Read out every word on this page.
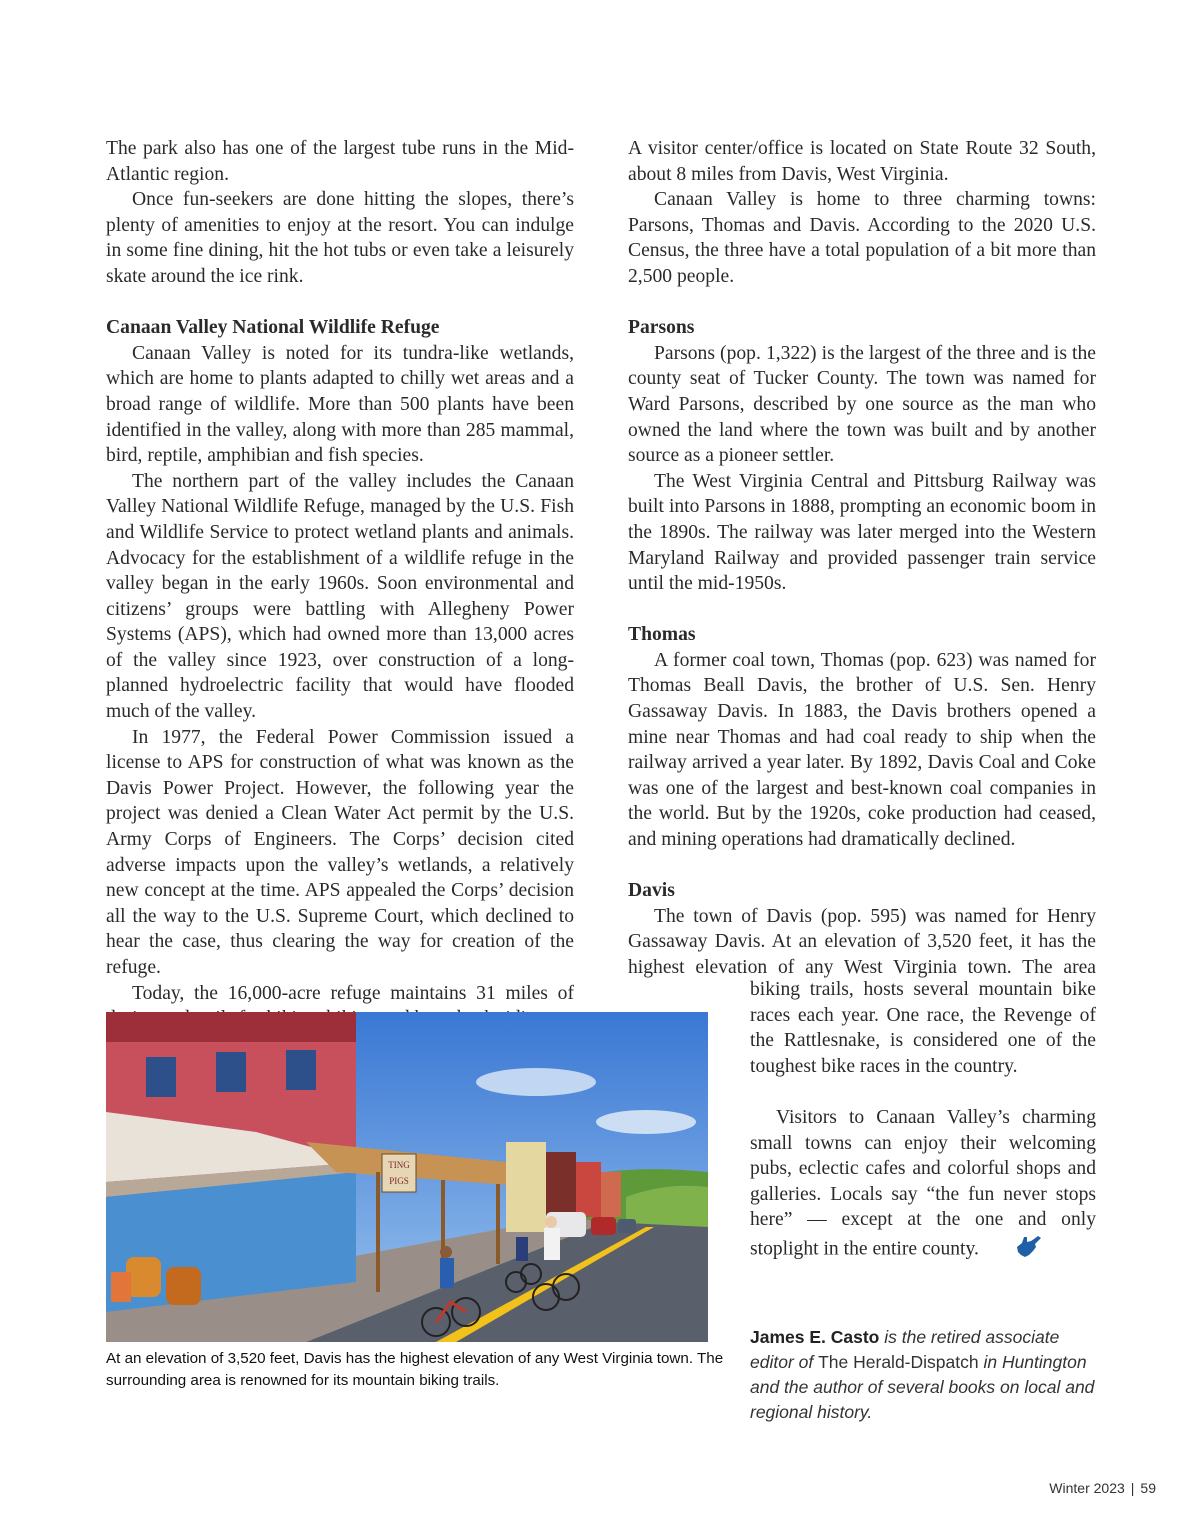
The park also has one of the largest tube runs in the Mid-Atlantic region.

Once fun-seekers are done hitting the slopes, there’s plenty of amenities to enjoy at the resort. You can indulge in some fine dining, hit the hot tubs or even take a leisurely skate around the ice rink.

Canaan Valley National Wildlife Refuge

Canaan Valley is noted for its tundra-like wetlands, which are home to plants adapted to chilly wet areas and a broad range of wildlife. More than 500 plants have been identified in the valley, along with more than 285 mammal, bird, reptile, amphibian and fish species.

The northern part of the valley includes the Canaan Valley National Wildlife Refuge, managed by the U.S. Fish and Wildlife Service to protect wetland plants and animals. Advocacy for the establishment of a wildlife refuge in the valley began in the early 1960s. Soon environmental and citizens’ groups were battling with Allegheny Power Systems (APS), which had owned more than 13,000 acres of the valley since 1923, over construction of a long-planned hydroelectric facility that would have flooded much of the valley.

In 1977, the Federal Power Commission issued a license to APS for construction of what was known as the Davis Power Project. However, the following year the project was denied a Clean Water Act permit by the U.S. Army Corps of Engineers. The Corps’ decision cited adverse impacts upon the valley’s wetlands, a relatively new concept at the time. APS appealed the Corps’ decision all the way to the U.S. Supreme Court, which declined to hear the case, thus clearing the way for creation of the refuge.

Today, the 16,000-acre refuge maintains 31 miles of

A visitor center/office is located on State Route 32 South, about 8 miles from Davis, West Virginia.

Canaan Valley is home to three charming towns: Parsons, Thomas and Davis. According to the 2020 U.S. Census, the three have a total population of a bit more than 2,500 people.

Parsons

Parsons (pop. 1,322) is the largest of the three and is the county seat of Tucker County. The town was named for Ward Parsons, described by one source as the man who owned the land where the town was built and by another source as a pioneer settler.

The West Virginia Central and Pittsburg Railway was built into Parsons in 1888, prompting an economic boom in the 1890s. The railway was later merged into the Western Maryland Railway and provided passenger train service until the mid-1950s.

Thomas

A former coal town, Thomas (pop. 623) was named for Thomas Beall Davis, the brother of U.S. Sen. Henry Gassaway Davis. In 1883, the Davis brothers opened a mine near Thomas and had coal ready to ship when the railway arrived a year later. By 1892, Davis Coal and Coke was one of the largest and best-known coal companies in the world. But by the 1920s, coke production had ceased, and mining operations had dramatically declined.

Davis

The town of Davis (pop. 595) was named for Henry Gassaway Davis. At an elevation of 3,520 feet, it has the highest elevation of any West Virginia town. The area

biking trails, hosts several mountain bike races each year. One race, the Revenge of the Rattlesnake, is considered one of the toughest bike races in the country.

Visitors to Canaan Valley’s charming small towns can enjoy their welcoming pubs, eclectic cafes and colorful shops and galleries. Locals say “the fun never stops here” — except at the one and only stoplight in the entire county.

TING
PIGS
At an elevation of 3,520 feet, Davis has the highest elevation of any West Virginia town. The surrounding area is renowned for its mountain biking trails.
James E. Casto is the retired associate editor of The Herald-Dispatch in Huntington and the author of several books on local and regional history.
Winter 2023 | 59
